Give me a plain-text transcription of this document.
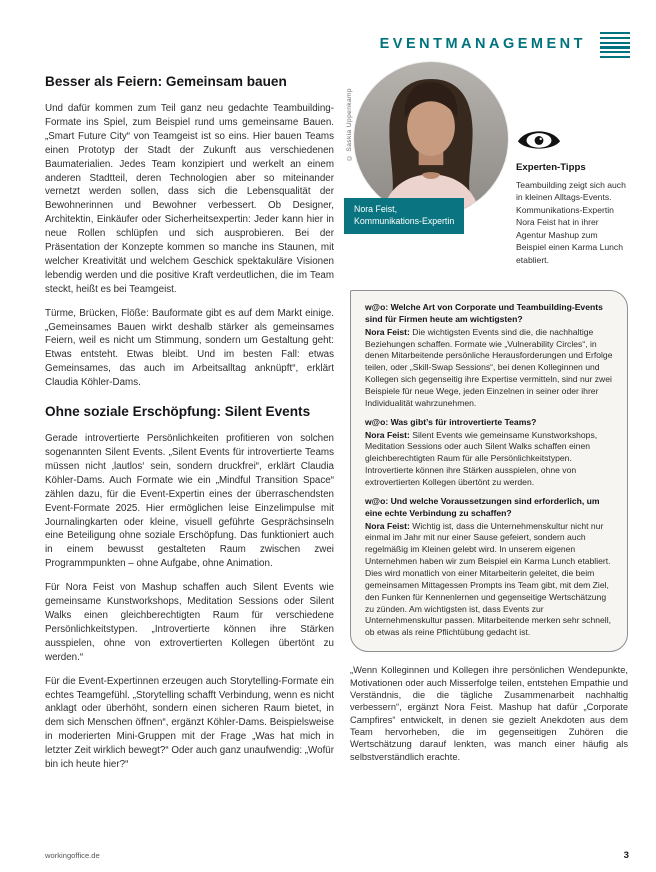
EVENTMANAGEMENT
Besser als Feiern: Gemeinsam bauen

Und dafür kommen zum Teil ganz neu gedachte Teambuilding-Formate ins Spiel, zum Beispiel rund ums gemeinsame Bauen. „Smart Future City“ von Teamgeist ist so eins. Hier bauen Teams einen Prototyp der Stadt der Zukunft aus verschiedenen Baumaterialien. Jedes Team konzipiert und werkelt an einem anderen Stadtteil, deren Technologien aber so miteinander vernetzt werden sollen, dass sich die Lebensqualität der Bewohnerinnen und Bewohner verbessert. Ob Designer, Architektin, Einkäufer oder Sicherheitsexpertin: Jeder kann hier in neue Rollen schlüpfen und sich ausprobieren. Bei der Präsentation der Konzepte kommen so manche ins Staunen, mit welcher Kreativität und welchem Geschick spektakuläre Visionen lebendig werden und die positive Kraft verdeutlichen, die im Team steckt, heißt es bei Teamgeist.

Türme, Brücken, Flöße: Bauformate gibt es auf dem Markt einige. „Gemeinsames Bauen wirkt deshalb stärker als gemeinsames Feiern, weil es nicht um Stimmung, sondern um Gestaltung geht: Etwas entsteht. Etwas bleibt. Und im besten Fall: etwas Gemeinsames, das auch im Arbeitsalltag anknüpft“, erklärt Claudia Köhler-Dams.

Ohne soziale Erschöpfung: Silent Events

Gerade introvertierte Persönlichkeiten profitieren von solchen sogenannten Silent Events. „Silent Events für introvertierte Teams müssen nicht ‚lautlos‘ sein, sondern druckfrei“, erklärt Claudia Köhler-Dams. Auch Formate wie ein „Mindful Transition Space“ zählen dazu, für die Event-Expertin eines der überraschendsten Event-Formate 2025. Hier ermöglichen leise Einzelimpulse mit Journalingkarten oder kleine, visuell geführte Gesprächsinseln eine Beteiligung ohne soziale Erschöpfung. Das funktioniert auch in einem bewusst gestalteten Raum zwischen zwei Programmpunkten – ohne Aufgabe, ohne Animation.

Für Nora Feist von Mashup schaffen auch Silent Events wie gemeinsame Kunstworkshops, Meditation Sessions oder Silent Walks einen gleichberechtigten Raum für verschiedene Persönlichkeitstypen. „Introvertierte können ihre Stärken ausspielen, ohne von extrovertierten Kollegen übertönt zu werden.“

Für die Event-Expertinnen erzeugen auch Storytelling-Formate ein echtes Teamgefühl. „Storytelling schafft Verbindung, wenn es nicht anklagt oder überhöht, sondern einen sicheren Raum bietet, in dem sich Menschen öffnen“, ergänzt Köhler-Dams. Beispielsweise in moderierten Mini-Gruppen mit der Frage „Was hat mich in letzter Zeit wirklich bewegt?“ Oder auch ganz unaufwendig: „Wofür bin ich heute hier?“

© Saskia Uppenkamp
Nora Feist,
Kommunikations-Expertin
Experten-Tipps
Teambuilding zeigt sich auch in kleinen Alltags-Events. Kommunikations-Expertin Nora Feist hat in ihrer Agentur Mashup zum Beispiel einen Karma Lunch etabliert.

w@o: Welche Art von Corporate und Teambuilding-Events sind für Firmen heute am wichtigsten?

Nora Feist: Die wichtigsten Events sind die, die nachhaltige Beziehungen schaffen. Formate wie „Vulnerability Circles“, in denen Mitarbeitende persönliche Herausforderungen und Erfolge teilen, oder „Skill-Swap Sessions“, bei denen Kolleginnen und Kollegen sich gegenseitig ihre Expertise vermitteln, sind nur zwei Beispiele für neue Wege, jeden Einzelnen in seiner oder ihrer Individualität wahrzunehmen.

w@o: Was gibt’s für introvertierte Teams?

Nora Feist: Silent Events wie gemeinsame Kunstworkshops, Meditation Sessions oder auch Silent Walks schaffen einen gleichberechtigten Raum für alle Persönlichkeitstypen. Introvertierte können ihre Stärken ausspielen, ohne von extrovertierten Kollegen übertönt zu werden.

w@o: Und welche Voraussetzungen sind erforderlich, um eine echte Verbindung zu schaffen?

Nora Feist: Wichtig ist, dass die Unternehmenskultur nicht nur einmal im Jahr mit nur einer Sause gefeiert, sondern auch regelmäßig im Kleinen gelebt wird. In unserem eigenen Unternehmen haben wir zum Beispiel ein Karma Lunch etabliert. Dies wird monatlich von einer Mitarbeiterin geleitet, die beim gemeinsamen Mittagessen Prompts ins Team gibt, mit dem Ziel, den Funken für Kennenlernen und gegenseitige Wertschätzung zu zünden. Am wichtigsten ist, dass Events zur Unternehmenskultur passen. Mitarbeitende merken sehr schnell, ob etwas als reine Pflichtübung gedacht ist.

„Wenn Kolleginnen und Kollegen ihre persönlichen Wendepunkte, Motivationen oder auch Misserfolge teilen, entstehen Empathie und Verständnis, die die tägliche Zusammenarbeit nachhaltig verbessern“, ergänzt Nora Feist. Mashup hat dafür „Corporate Campfires“ entwickelt, in denen sie gezielt Anekdoten aus dem Team hervorheben, die im gegenseitigen Zuhören die Wertschätzung darauf lenkten, was manch einer häufig als selbstverständlich erachte.

workingoffice.de	3
